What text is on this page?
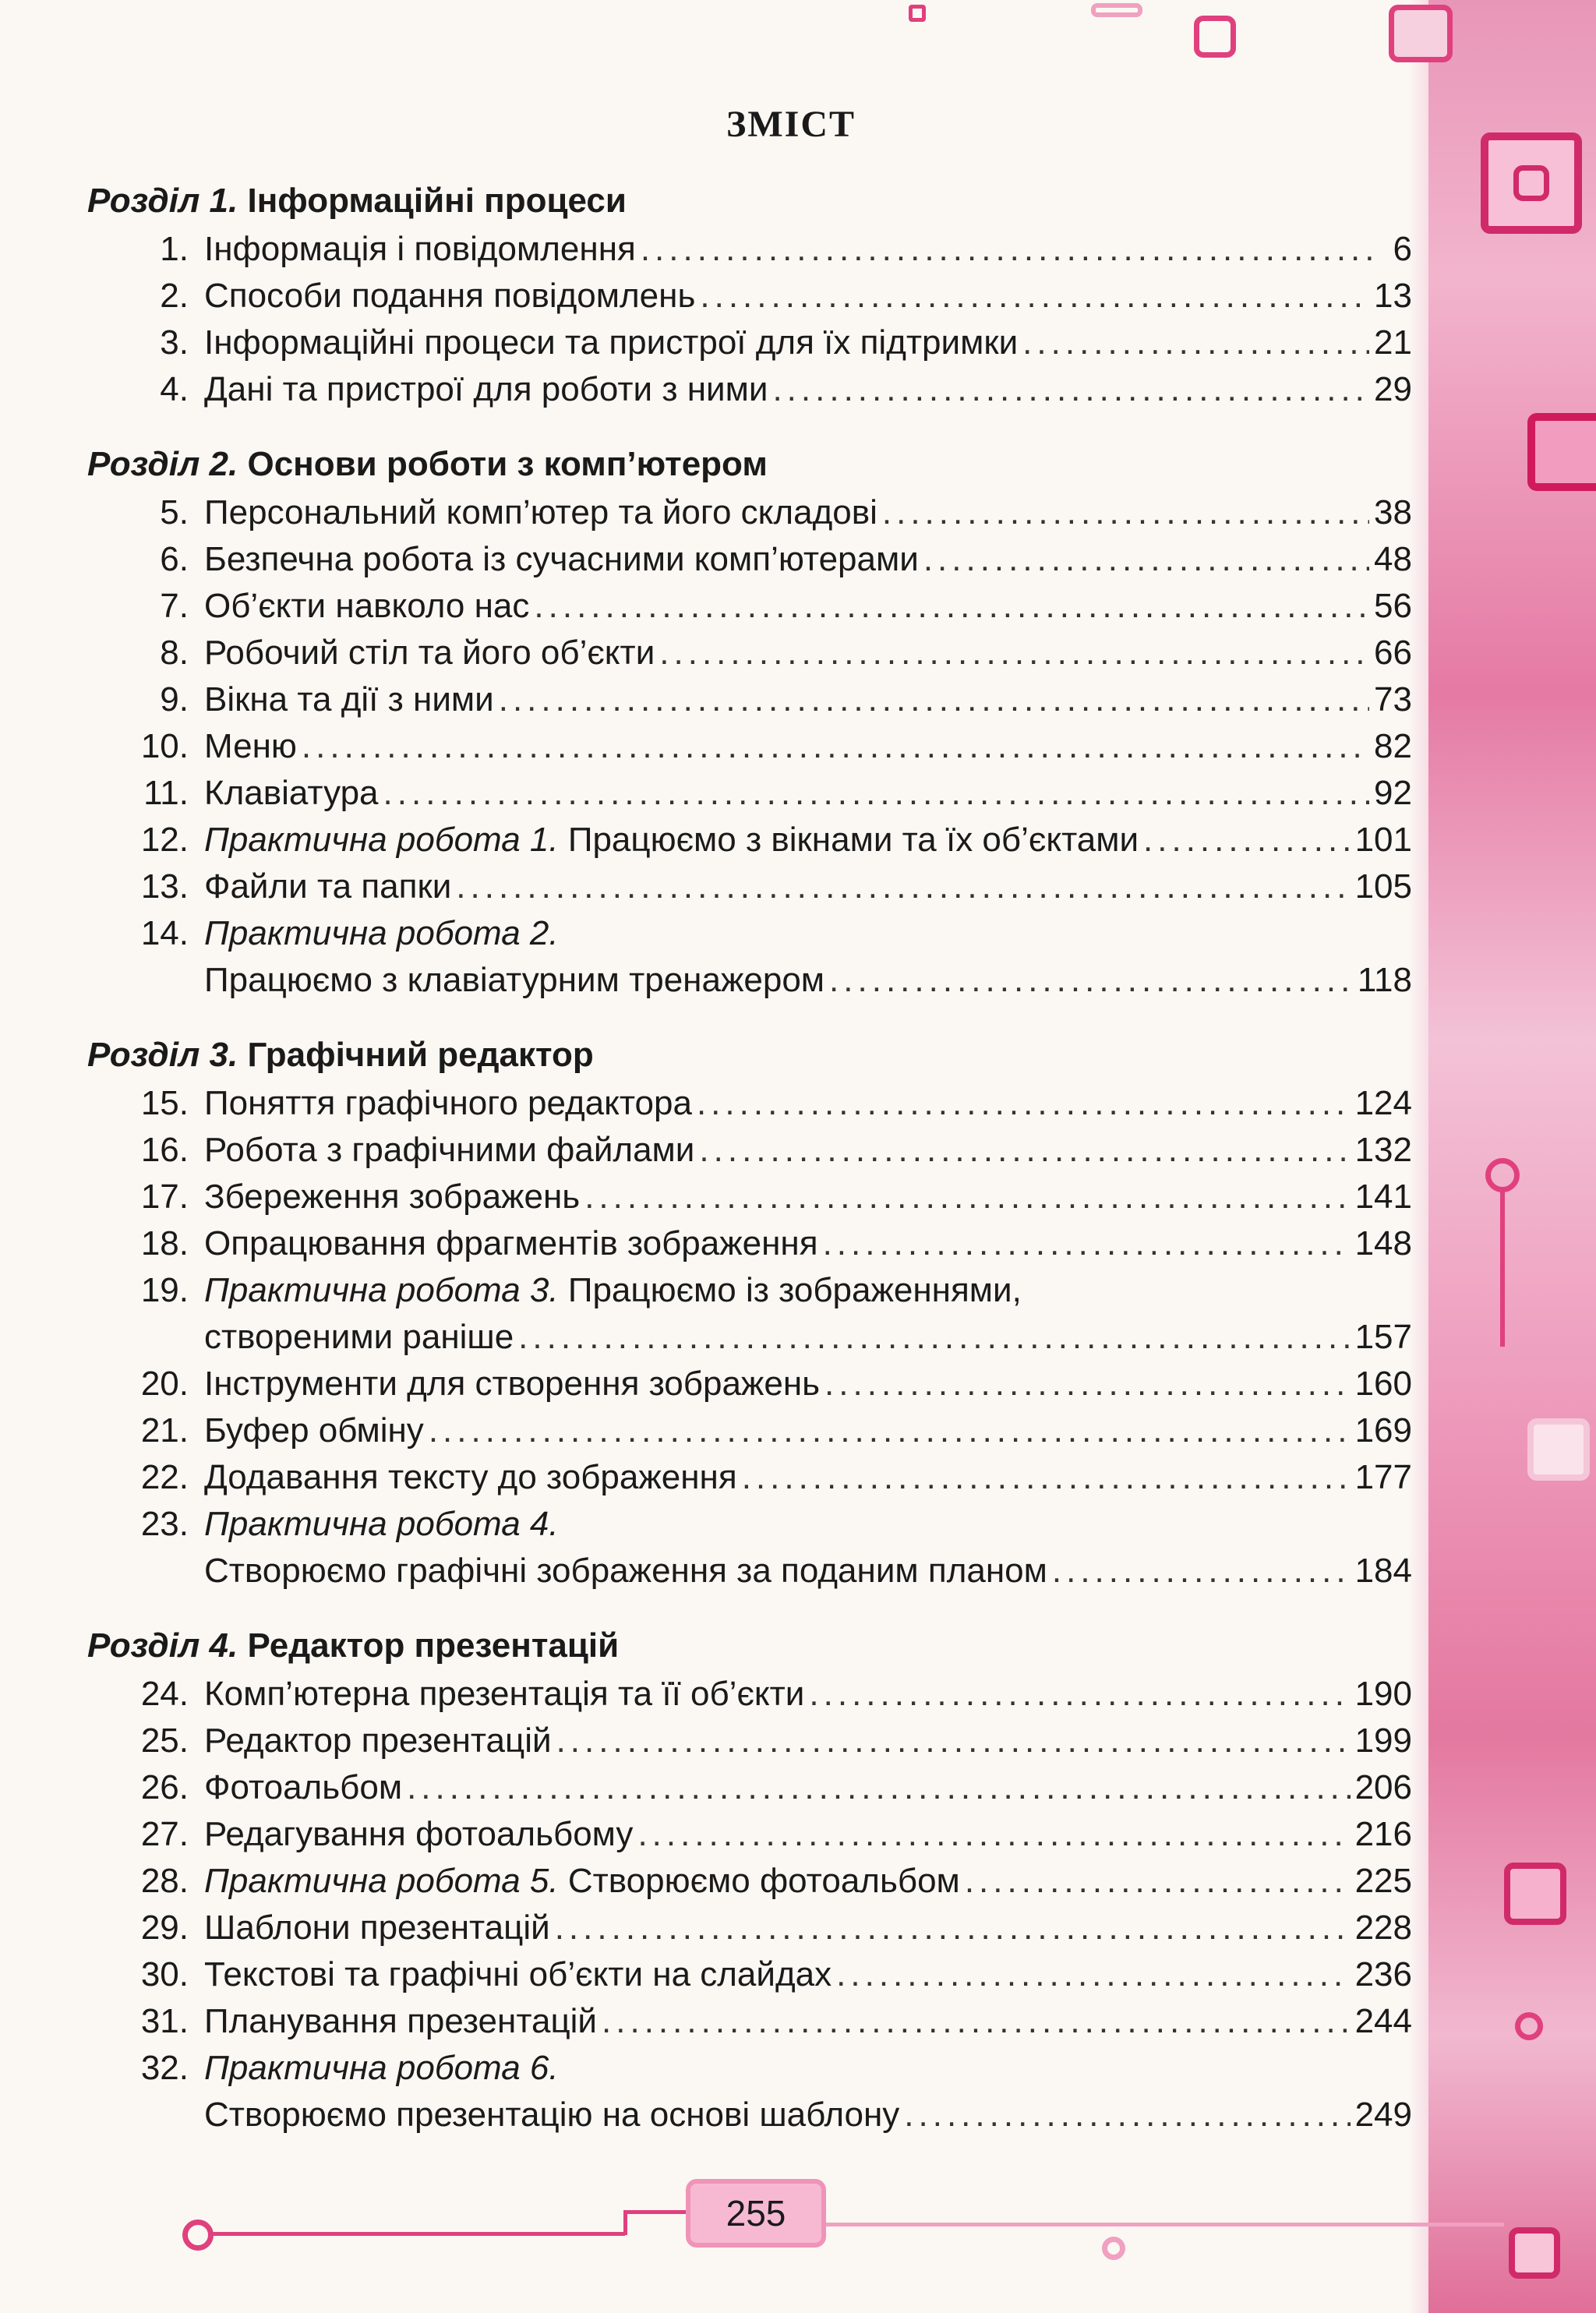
ЗМІСТ
Розділ 1. Інформаційні процеси
1. Інформація і повідомлення .....	6
2. Способи подання повідомлень .....	13
3. Інформаційні процеси та пристрої для їх підтримки .....	21
4. Дані та пристрої для роботи з ними .....	29
Розділ 2. Основи роботи з комп’ютером
5. Персональний комп’ютер та його складові .....	38
6. Безпечна робота із сучасними комп’ютерами .....	48
7. Об’єкти навколо нас .....	56
8. Робочий стіл та його об’єкти .....	66
9. Вікна та дії з ними .....	73
10. Меню .....	82
11. Клавіатура .....	92
12. Практична робота 1. Працюємо з вікнами та їх об’єктами .....	101
13. Файли та папки .....	105
14. Практична робота 2.
Працюємо з клавіатурним тренажером .....	118
Розділ 3. Графічний редактор
15. Поняття графічного редактора .....	124
16. Робота з графічними файлами .....	132
17. Збереження зображень .....	141
18. Опрацювання фрагментів зображення .....	148
19. Практична робота 3. Працюємо із зображеннями,
створеними раніше .....	157
20. Інструменти для створення зображень .....	160
21. Буфер обміну .....	169
22. Додавання тексту до зображення .....	177
23. Практична робота 4.
Створюємо графічні зображення за поданим планом .....	184
Розділ 4. Редактор презентацій
24. Комп’ютерна презентація та її об’єкти .....	190
25. Редактор презентацій .....	199
26. Фотоальбом .....	206
27. Редагування фотоальбому .....	216
28. Практична робота 5. Створюємо фотоальбом .....	225
29. Шаблони презентацій .....	228
30. Текстові та графічні об’єкти на слайдах .....	236
31. Планування презентацій .....	244
32. Практична робота 6.
Створюємо презентацію на основі шаблону .....	249
255
